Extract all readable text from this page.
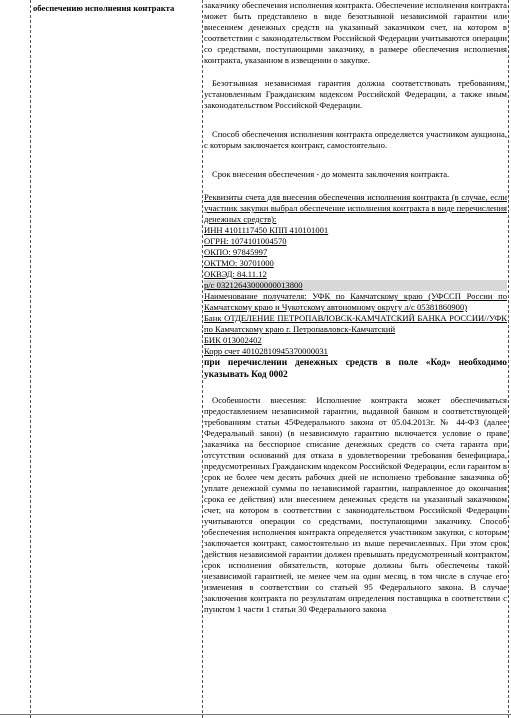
обеспечению исполнения контракта	заказчику обеспечения исполнения контракта. Обеспечение исполнения контракта может быть представлено в виде безотзывной независимой гарантии или внесением денежных средств на указанный заказчиком счет, на котором в соответствии с законодательством Российской Федерации учитываются операции со средствами, поступающими заказчику, в размере обеспечения исполнения контракта, указанном в извещении о закупке.

Безотзывная независимая гарантия должна соответствовать требованиям, установленным Гражданским кодексом Российской Федерации, а также иным законодательством Российской Федерации.

Способ обеспечения исполнения контракта определяется участником аукциона, с которым заключается контракт, самостоятельно.

Срок внесения обеспечения - до момента заключения контракта.

Реквизиты счета для внесения обеспечения исполнения контракта (в случае, если участник закупки выбрал обеспечение исполнения контракта в виде перечисления денежных средств):

ИНН 4101117450 КПП 410101001

ОГРН: 1074101004570

ОКПО: 97845997

ОКТМО: 30701000

ОКВЭД: 84.11.12

р/с 03212643000000013800

Наименование получателя: УФК по Камчатскому краю (УФССП России по Камчатскому краю и Чукотскому автономному округу л/с 05381860900)

Банк ОТДЕЛЕНИЕ ПЕТРОПАВЛОВСК-КАМЧАТСКИЙ БАНКА РОССИИ//УФК по Камчатскому краю г. Петропавловск-Камчатский

БИК 013002402

Корр счет 40102810945370000031

при перечислении денежных средств в поле «Код» необходимо указывать Код 0002

Особенности внесения: Исполнение контракта может обеспечиваться предоставлением независимой гарантии, выданной банком и соответствующей требованиям статьи 45Федерального закона от 05.04.2013г. № 44-ФЗ (далее Федеральный закон) (в независимую гарантию включается условие о праве заказчика на бесспорное списание денежных средств со счета гаранта при отсутствии оснований для отказа в удовлетворении требования бенефициара, предусмотренных Гражданским кодексом Российской Федерации, если гарантом в срок не более чем десять рабочих дней не исполнено требование заказчика об уплате денежной суммы по независимой гарантии, направленное до окончания срока ее действия) или внесением денежных средств на указанный заказчиком счет, на котором в соответствии с законодательством Российской Федерации учитываются операции со средствами, поступающими заказчику. Способ обеспечения исполнения контракта определяется участником закупки, с которым заключается контракт, самостоятельно из выше перечисленных. При этом срок действия независимой гарантии должен превышать предусмотренный контрактом срок исполнения обязательств, которые должны быть обеспечены такой независимой гарантией, не менее чем на один месяц, в том числе в случае его изменения в соответствии со статьей 95 Федерального закона. В случае заключения контракта по результатам определения поставщика в соответствии с пунктом 1 части 1 статьи 30 Федерального закона
